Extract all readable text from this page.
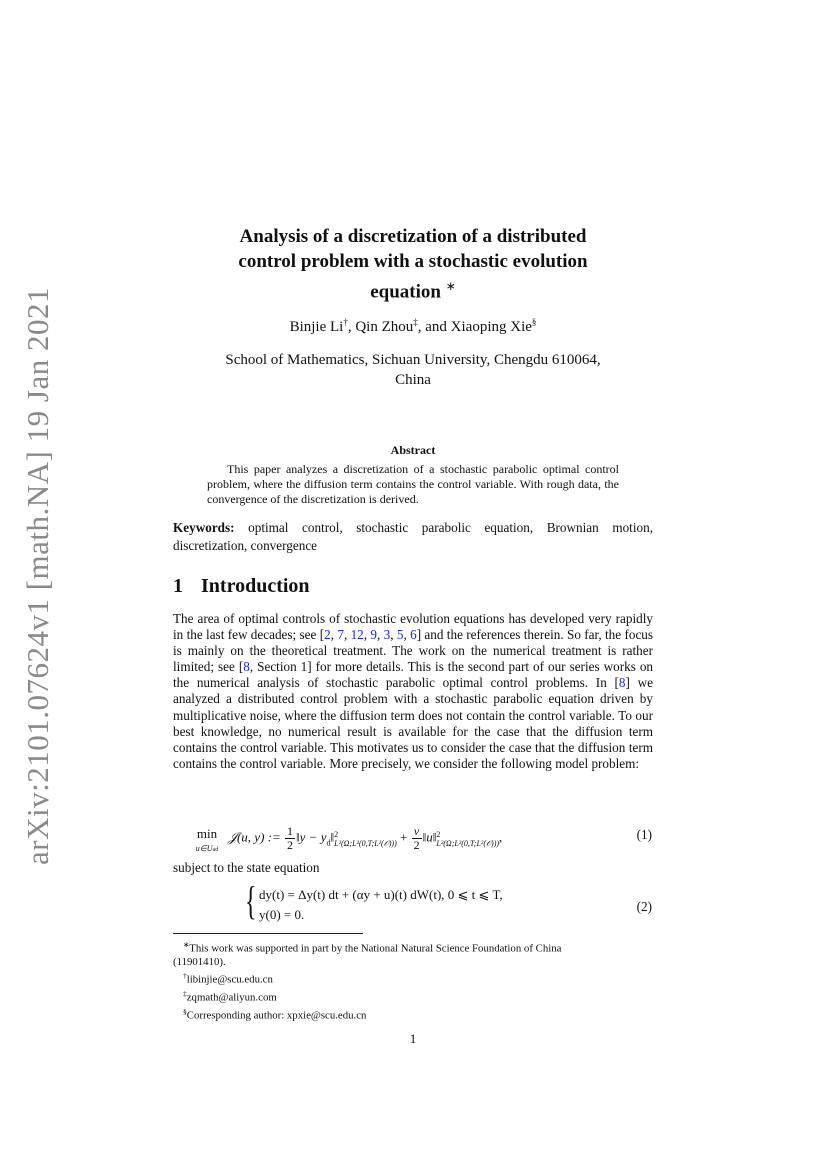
arXiv:2101.07624v1 [math.NA] 19 Jan 2021
Analysis of a discretization of a distributed
control problem with a stochastic evolution
equation ∗
Binjie Li†, Qin Zhou‡, and Xiaoping Xie§
School of Mathematics, Sichuan University, Chengdu 610064,
China
Abstract
This paper analyzes a discretization of a stochastic parabolic optimal control problem, where the diffusion term contains the control variable. With rough data, the convergence of the discretization is derived.
Keywords: optimal control, stochastic parabolic equation, Brownian motion, discretization, convergence
1 Introduction
The area of optimal controls of stochastic evolution equations has developed very rapidly in the last few decades; see [2, 7, 12, 9, 3, 5, 6] and the references therein. So far, the focus is mainly on the theoretical treatment. The work on the numerical treatment is rather limited; see [8, Section 1] for more details. This is the second part of our series works on the numerical analysis of stochastic parabolic optimal control problems. In [8] we analyzed a distributed control problem with a stochastic parabolic equation driven by multiplicative noise, where the diffusion term does not contain the control variable. To our best knowledge, no numerical result is available for the case that the diffusion term contains the control variable. This motivates us to consider the case that the diffusion term contains the control variable. More precisely, we consider the following model problem:
min
$^{u\in Uad}$
𝒥(u, y) := $\frac{1}{2}$ ‖y − $y_d‖2$
L²(Ω;L²(0,T;L²(𝒪))) + $\frac{\nu}{2}$ ‖u‖2
L²(Ω;L²(0,T;L²(𝒪))),	(1)
subject to the state equation
{ dy(t) = Δy(t) dt + (αy + u)(t) dW(t), 0 ⩽ t ⩽ T,
y(0) = 0.
(2)
∗This work was supported in part by the National Natural Science Foundation of China
(11901410).
†libinjie@scu.edu.cn
‡zqmath@aliyun.com
§Corresponding author: xpxie@scu.edu.cn
1
